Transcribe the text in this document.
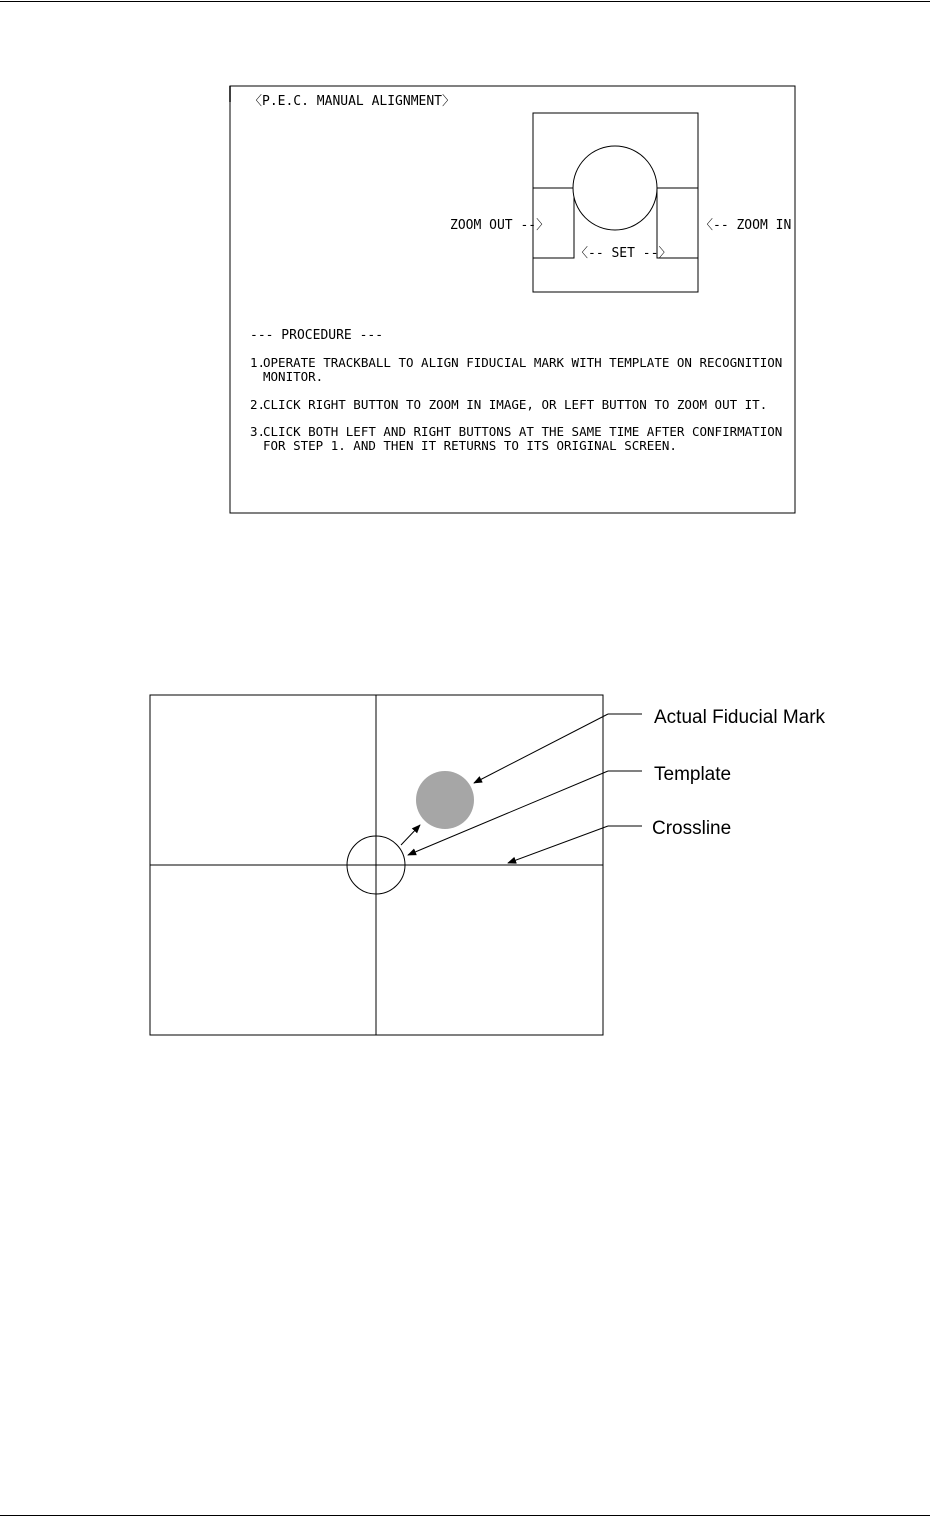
〈P.E.C. MANUAL ALIGNMENT〉
ZOOM OUT --〉	〈-- ZOOM IN
〈-- SET --〉
--- PROCEDURE ---
1.
OPERATE TRACKBALL TO ALIGN FIDUCIAL MARK WITH TEMPLATE ON RECOGNITION
MONITOR.
2.
CLICK RIGHT BUTTON TO ZOOM IN IMAGE, OR LEFT BUTTON TO ZOOM OUT IT.
3.
CLICK BOTH LEFT AND RIGHT BUTTONS AT THE SAME TIME AFTER CONFIRMATION
FOR STEP 1. AND THEN IT RETURNS TO ITS ORIGINAL SCREEN.
Actual Fiducial Mark
Template
Crossline
